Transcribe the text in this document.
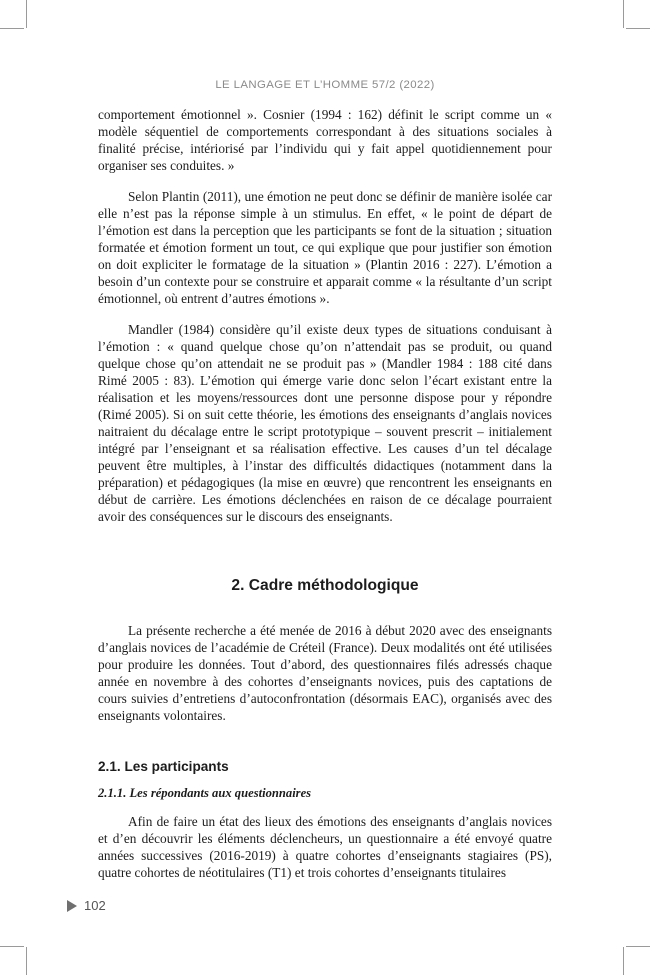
LE LANGAGE ET L’HOMME 57/2 (2022)

comportement émotionnel ». Cosnier (1994 : 162) définit le script comme un « modèle séquentiel de comportements correspondant à des situations sociales à finalité précise, intériorisé par l’individu qui y fait appel quotidiennement pour organiser ses conduites. »

Selon Plantin (2011), une émotion ne peut donc se définir de manière isolée car elle n’est pas la réponse simple à un stimulus. En effet, « le point de départ de l’émotion est dans la perception que les participants se font de la situation ; situation formatée et émotion forment un tout, ce qui explique que pour justifier son émotion on doit expliciter le formatage de la situation » (Plantin 2016 : 227). L’émotion a besoin d’un contexte pour se construire et apparait comme « la résultante d’un script émotionnel, où entrent d’autres émotions ».

Mandler (1984) considère qu’il existe deux types de situations conduisant à l’émotion : « quand quelque chose qu’on n’attendait pas se produit, ou quand quelque chose qu’on attendait ne se produit pas » (Mandler 1984 : 188 cité dans Rimé 2005 : 83). L’émotion qui émerge varie donc selon l’écart existant entre la réalisation et les moyens/ressources dont une personne dispose pour y répondre (Rimé 2005). Si on suit cette théorie, les émotions des enseignants d’anglais novices naitraient du décalage entre le script prototypique – souvent prescrit – initialement intégré par l’enseignant et sa réalisation effective. Les causes d’un tel décalage peuvent être multiples, à l’instar des difficultés didactiques (notamment dans la préparation) et pédagogiques (la mise en œuvre) que rencontrent les enseignants en début de carrière. Les émotions déclenchées en raison de ce décalage pourraient avoir des conséquences sur le discours des enseignants.

2. Cadre méthodologique

La présente recherche a été menée de 2016 à début 2020 avec des enseignants d’anglais novices de l’académie de Créteil (France). Deux modalités ont été utilisées pour produire les données. Tout d’abord, des questionnaires filés adressés chaque année en novembre à des cohortes d’enseignants novices, puis des captations de cours suivies d’entretiens d’autoconfrontation (désormais EAC), organisés avec des enseignants volontaires.

2.1. Les participants
2.1.1. Les répondants aux questionnaires

Afin de faire un état des lieux des émotions des enseignants d’anglais novices et d’en découvrir les éléments déclencheurs, un questionnaire a été envoyé quatre années successives (2016-2019) à quatre cohortes d’enseignants stagiaires (PS), quatre cohortes de néotitulaires (T1) et trois cohortes d’enseignants titulaires

102
